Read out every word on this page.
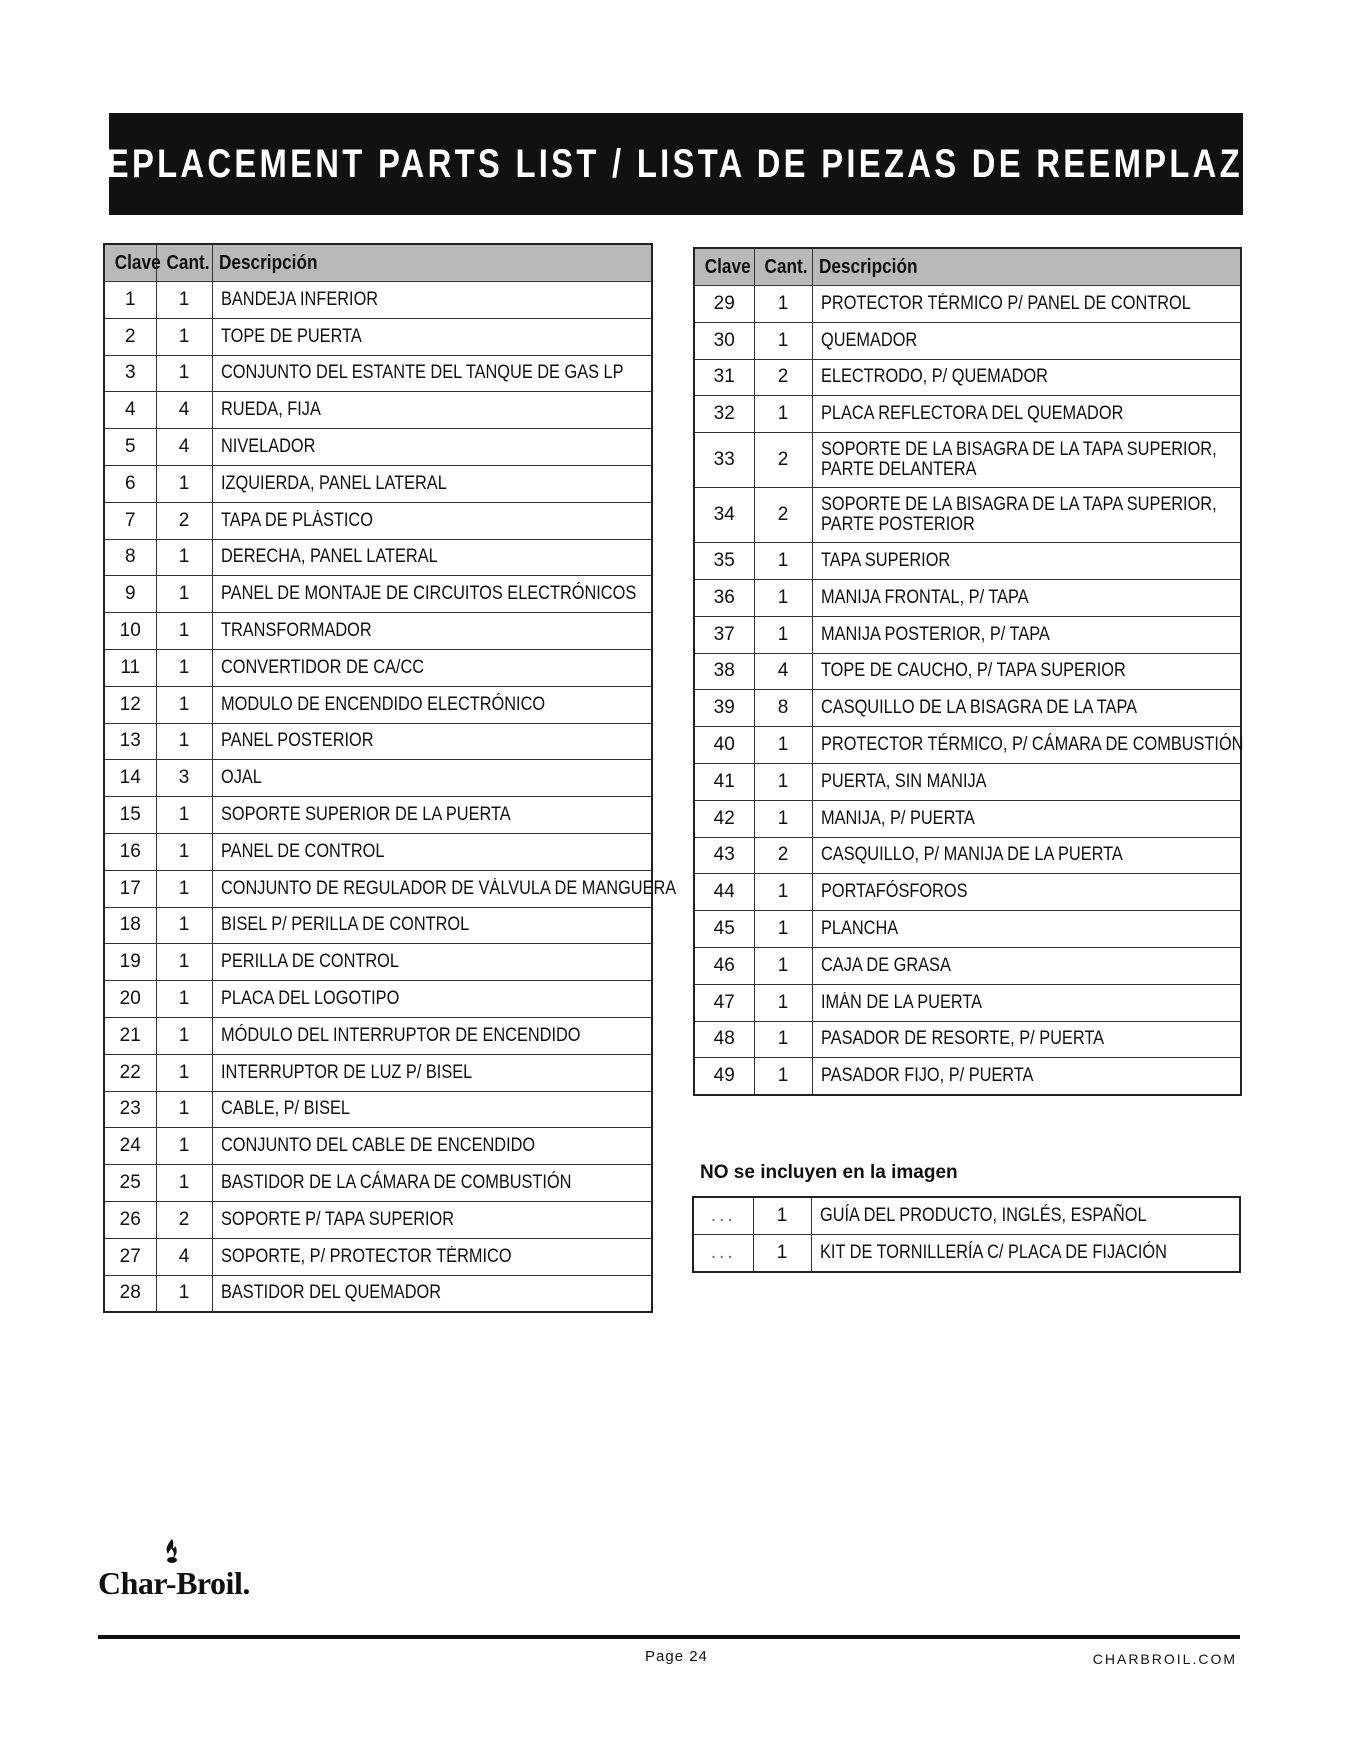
REPLACEMENT PARTS LIST / LISTA DE PIEZAS DE REEMPLAZO
Clave	Cant.	Descripción
1	1	BANDEJA INFERIOR
2	1	TOPE DE PUERTA
3	1	CONJUNTO DEL ESTANTE DEL TANQUE DE GAS LP
4	4	RUEDA, FIJA
5	4	NIVELADOR
6	1	IZQUIERDA, PANEL LATERAL
7	2	TAPA DE PLÁSTICO
8	1	DERECHA, PANEL LATERAL
9	1	PANEL DE MONTAJE DE CIRCUITOS ELECTRÓNICOS
10	1	TRANSFORMADOR
11	1	CONVERTIDOR DE CA/CC
12	1	MODULO DE ENCENDIDO ELECTRÓNICO
13	1	PANEL POSTERIOR
14	3	OJAL
15	1	SOPORTE SUPERIOR DE LA PUERTA
16	1	PANEL DE CONTROL
17	1	CONJUNTO DE REGULADOR DE VÁLVULA DE MANGUERA
18	1	BISEL P/ PERILLA DE CONTROL
19	1	PERILLA DE CONTROL
20	1	PLACA DEL LOGOTIPO
21	1	MÓDULO DEL INTERRUPTOR DE ENCENDIDO
22	1	INTERRUPTOR DE LUZ P/ BISEL
23	1	CABLE, P/ BISEL
24	1	CONJUNTO DEL CABLE DE ENCENDIDO
25	1	BASTIDOR DE LA CÁMARA DE COMBUSTIÓN
26	2	SOPORTE P/ TAPA SUPERIOR
27	4	SOPORTE, P/ PROTECTOR TÉRMICO
28	1	BASTIDOR DEL QUEMADOR
Clave	Cant.	Descripción
29	1	PROTECTOR TÉRMICO P/ PANEL DE CONTROL
30	1	QUEMADOR
31	2	ELECTRODO, P/ QUEMADOR
32	1	PLACA REFLECTORA DEL QUEMADOR
33	2	SOPORTE DE LA BISAGRA DE LA TAPA SUPERIOR,
PARTE DELANTERA
34	2	SOPORTE DE LA BISAGRA DE LA TAPA SUPERIOR,
PARTE POSTERIOR
35	1	TAPA SUPERIOR
36	1	MANIJA FRONTAL, P/ TAPA
37	1	MANIJA POSTERIOR, P/ TAPA
38	4	TOPE DE CAUCHO, P/ TAPA SUPERIOR
39	8	CASQUILLO DE LA BISAGRA DE LA TAPA
40	1	PROTECTOR TÉRMICO, P/ CÁMARA DE COMBUSTIÓN
41	1	PUERTA, SIN MANIJA
42	1	MANIJA, P/ PUERTA
43	2	CASQUILLO, P/ MANIJA DE LA PUERTA
44	1	PORTAFÓSFOROS
45	1	PLANCHA
46	1	CAJA DE GRASA
47	1	IMÁN DE LA PUERTA
48	1	PASADOR DE RESORTE, P/ PUERTA
49	1	PASADOR FIJO, P/ PUERTA
NO se incluyen en la imagen
...	1	GUÍA DEL PRODUCTO, INGLÉS, ESPAÑOL
...	1	KIT DE TORNILLERÍA C/ PLACA DE FIJACIÓN
Char-Broil.
Page 24	CHARBROIL.COM
